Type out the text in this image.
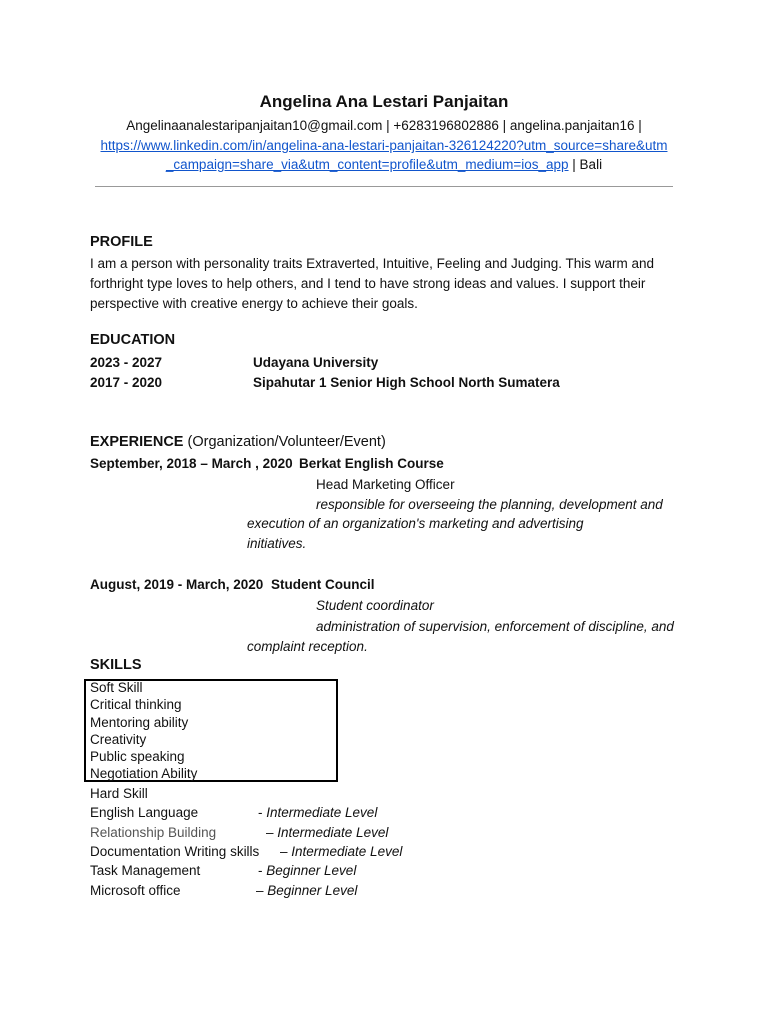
Angelina Ana Lestari Panjaitan
Angelinaanalestaripanjaitan10@gmail.com | +6283196802886 | angelina.panjaitan16 |
https://www.linkedin.com/in/angelina-ana-lestari-panjaitan-326124220?utm_source=share&utm
_campaign=share_via&utm_content=profile&utm_medium=ios_app | Bali
PROFILE
I am a person with personality traits Extraverted, Intuitive, Feeling and Judging. This warm and
forthright type loves to help others, and I tend to have strong ideas and values. I support their
perspective with creative energy to achieve their goals.
EDUCATION
2023 - 2027	Udayana University
2017 - 2020	Sipahutar 1 Senior High School North Sumatera
EXPERIENCE (Organization/Volunteer/Event)
September, 2018 – March , 2020 Berkat English Course
Head Marketing Officer
responsible for overseeing the planning, development and
execution of an organization's marketing and advertising
initiatives.
August, 2019 - March, 2020 Student Council
Student coordinator
administration of supervision, enforcement of discipline, and
complaint reception.
SKILLS
Soft Skill
Critical thinking
Mentoring ability
Creativity
Public speaking
Negotiation Ability
Hard Skill
English Language	- Intermediate Level
Relationship Building	– Intermediate Level
Documentation Writing skills – Intermediate Level
Task Management	- Beginner Level
Microsoft office	– Beginner Level
